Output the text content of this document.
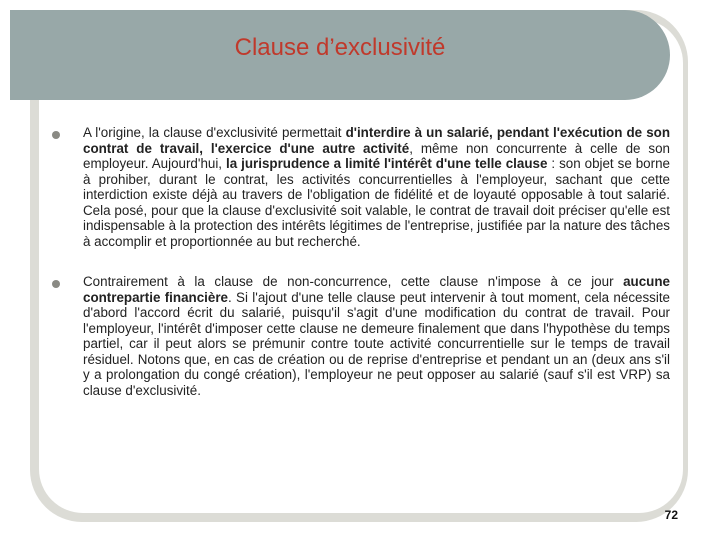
Clause d’exclusivité
A l'origine, la clause d'exclusivité permettait d'interdire à un salarié, pendant l'exécution de son contrat de travail, l'exercice d'une autre activité, même non concurrente à celle de son employeur. Aujourd'hui, la jurisprudence a limité l'intérêt d'une telle clause : son objet se borne à prohiber, durant le contrat, les activités concurrentielles à l'employeur, sachant que cette interdiction existe déjà au travers de l'obligation de fidélité et de loyauté opposable à tout salarié. Cela posé, pour que la clause d'exclusivité soit valable, le contrat de travail doit préciser qu'elle est indispensable à la protection des intérêts légitimes de l'entreprise, justifiée par la nature des tâches à accomplir et proportionnée au but recherché.
Contrairement à la clause de non-concurrence, cette clause n'impose à ce jour aucune contrepartie financière. Si l'ajout d'une telle clause peut intervenir à tout moment, cela nécessite d'abord l'accord écrit du salarié, puisqu'il s'agit d'une modification du contrat de travail. Pour l'employeur, l'intérêt d'imposer cette clause ne demeure finalement que dans l'hypothèse du temps partiel, car il peut alors se prémunir contre toute activité concurrentielle sur le temps de travail résiduel. Notons que, en cas de création ou de reprise d'entreprise et pendant un an (deux ans s'il y a prolongation du congé création), l'employeur ne peut opposer au salarié (sauf s'il est VRP) sa clause d'exclusivité.
72
